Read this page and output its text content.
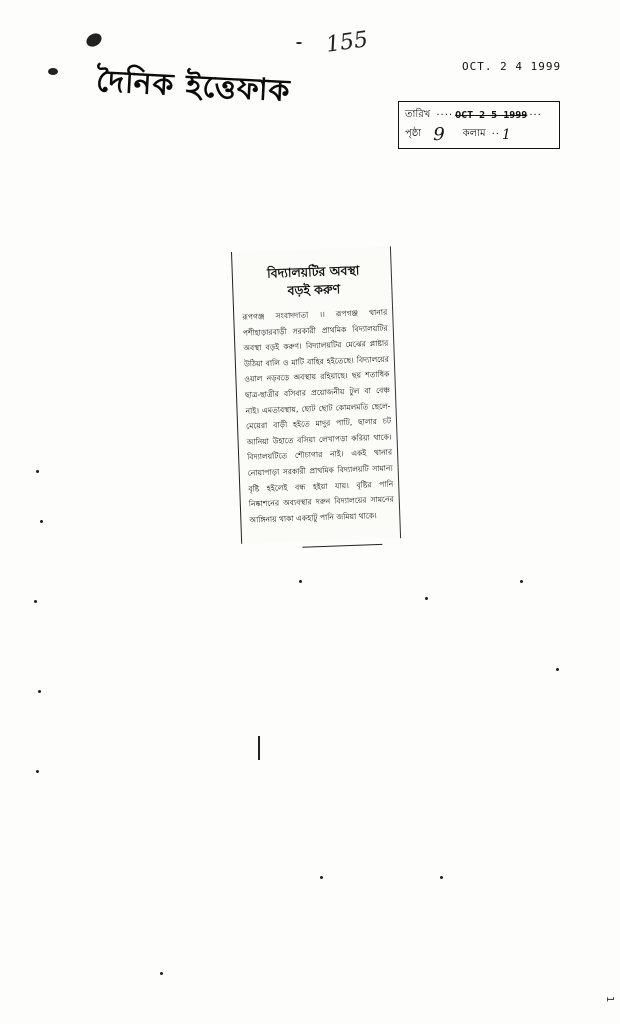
দৈনিক ইত্তেফাক
155
OCT. 2 4 1999
তারিখ ···· OCT 2 5 1999 ···
পৃষ্ঠা 9 কলাম ·· 1
বিদ্যালয়টির অবস্থা
বড়ই করুণ

রূপগঞ্জ সংবাদদাতা ।। রূপগঞ্জ থানার পশীহাড়ারবাড়ী সরকারী প্রাথমিক বিদ্যালয়টির অবস্থা বড়ই করুণ। বিদ্যালয়টির মেঝের প্লাষ্টার উঠিয়া বালি ও মাটি বাহির হইতেছে। বিদ্যালয়ের ওয়াল নড়বড়ে অবস্থায় রহিয়াছে। ছয় শতাধিক ছাত্র-ছাত্রীর বসিবার প্রয়োজনীয় টুল বা বেঞ্চ নাই। এমতাবস্থায়, ছোট ছোট কোমলমতি ছেলে-মেয়েরা বাড়ী হইতে মাদুর পাটি, ছালার চট আনিয়া উহাতে বসিয়া লেখাপড়া করিয়া থাকে। বিদ্যালয়টিতে শৌচাগার নাই। একই থানার নোয়াপাড়া সরকারী প্রাথমিক বিদ্যালয়টি সামান্য বৃষ্টি হইলেই বন্ধ হইয়া যায়। বৃষ্টির পানি নিষ্কাশনের অব্যবস্থার দরুন বিদ্যালয়ের সামনের আঙ্গিনায় থাকা একহাটু পানি জমিয়া থাকে।

1
